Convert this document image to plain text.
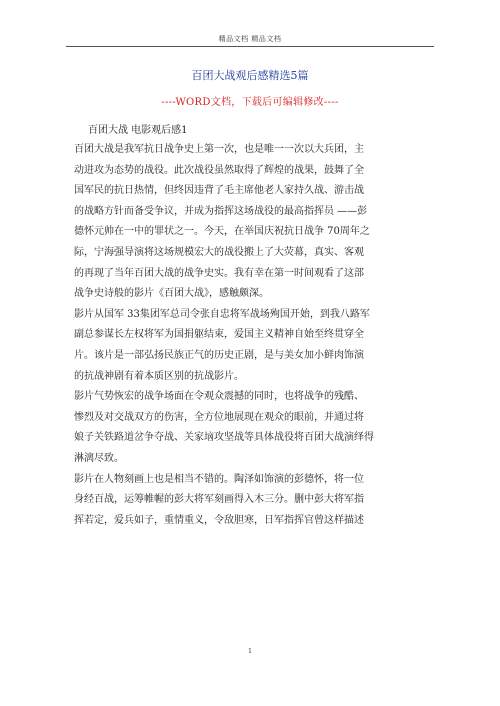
精品文档 精品文档
百团大战观后感精选5篇
----WORD文档，下载后可编辑修改----
百团大战 电影观后感1
百团大战是我军抗日战争史上第一次，也是唯一一次以大兵团，主
动进攻为态势的战役。此次战役虽然取得了辉煌的战果，鼓舞了全
国军民的抗日热情，但终因违背了毛主席他老人家持久战、游击战
的战略方针而备受争议，并成为指挥这场战役的最高指挥员 ——彭
德怀元帅在一中的罪状之一。今天，在举国庆祝抗日战争 70周年之
际，宁海强导演将这场规模宏大的战役搬上了大荧幕，真实、客观
的再现了当年百团大战的战争史实。我有幸在第一时间观看了这部
战争史诗般的影片《百团大战》，感触颇深。
影片从国军 33集团军总司令张自忠将军战场殉国开始，到我八路军
副总参谋长左权将军为国捐躯结束，爱国主义精神自始至终贯穿全
片。该片是一部弘扬民族正气的历史正剧，是与美女加小鲜肉饰演
的抗战神剧有着本质区别的抗战影片。
影片气势恢宏的战争场面在令观众震撼的同时，也将战争的残酷、
惨烈及对交战双方的伤害，全方位地展现在观众的眼前，并通过将
娘子关铁路道岔争夺战、关家垴攻坚战等具体战役将百团大战演绎得
淋漓尽致。
影片在人物刻画上也是相当不错的。陶泽如饰演的彭德怀，将一位
身经百战，运筹帷幄的彭大将军刻画得入木三分。删中彭大将军指
挥若定，爱兵如子，重情重义，令敌胆寒，日军指挥官曾这样描述
1
